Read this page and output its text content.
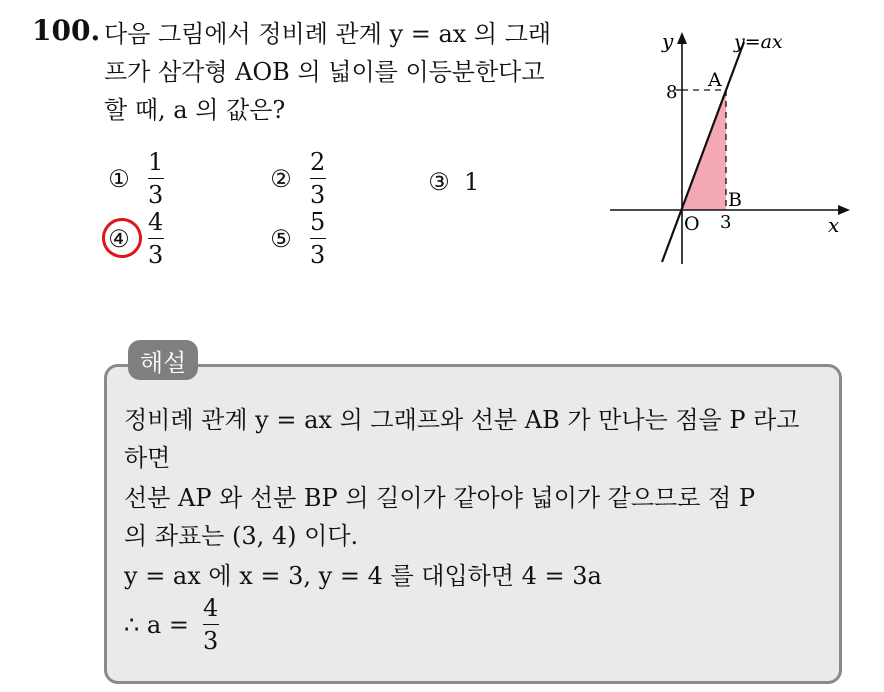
100. 다음 그림에서 정비례 관계 y = ax 의 그래
프가 삼각형 AOB 의 넓이를 이등분한다고
할 때, a 의 값은?
① $\frac{1}{3}$	② $\frac{2}{3}$	③ 1
④ $\frac{4}{3}$	⑤ $\frac{5}{3}$
y	y=ax
8
A
B
O 3	x
해설
정비례 관계 y = ax 의 그래프와 선분 AB 가 만나는 점을 P 라고
하면
선분 AP 와 선분 BP 의 길이가 같아야 넓이가 같으므로 점 P
의 좌표는 (3, 4) 이다.
y = ax 에 x = 3, y = 4 를 대입하면 4 = 3a
∴ $a = \frac{4}{3}$
